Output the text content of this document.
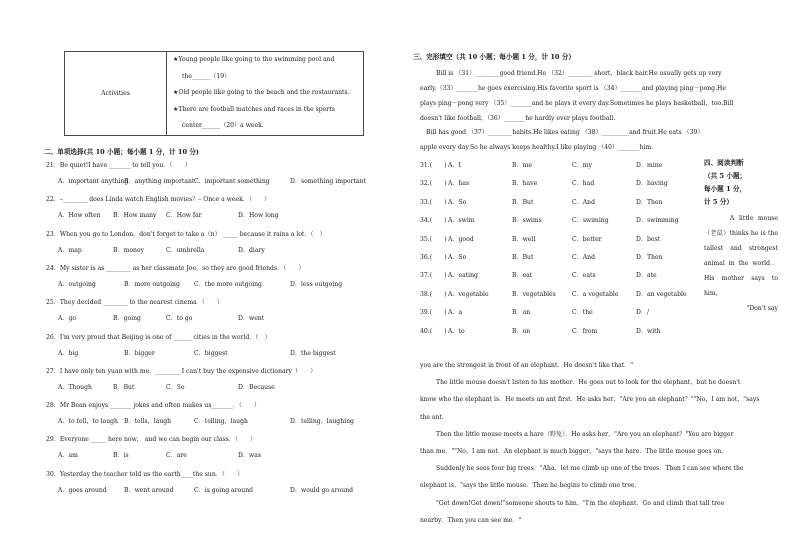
Activities	
★Young people like going to the swimming pool and
the______（19）
★Old people like going to the beach and the restaurants.
★There are football matches and races in the sports
center______（20）a week.
二、单项选择(共 10 小题；每小题 1 分，计 10 分)
21．Be quiet!I have _______ to tell you．（　　）
A．important anything
B．anything important C．important something	D．something important
22．–________ does Linda watch English movies？– Once a week．（　　）
A．How often B．How many C．How far	D．How long
23．When you go to London，don't forget to take a（n） _____ because it rains a lot．（　）
A．map	B．money	C．umbrella	D．diary
24．My sister is as ________ as her classmate Joe，so they are good friends．（　　）
A．outgoing	B．more outgoing C．the more outgoing	D．less outgoing
25．They decided ________ to the nearest cinema （　　）
A．go	B．going	C．to go	D．went
26．I'm very proud that Beijing is one of ______ cities in the world．（　）
A．big	B．bigger	C．biggest	D．the biggest
27．I have only ten yuan with me．________ I can't buy the expensive dictionary（　　）
A．Though	B．But	C．So	D．Because
28．Mr Bean enjoys _______ jokes and often makes us_______．（　　）
A．to tell，to laugh B．tells，laugh	C．telling，laugh	D．telling，laughing
29．Everyone _____ here now， and we can begin our class．（　　）
A．am	B．is	C．are	D．was
30．Yesterday the teacher told us the earth____the sun．（　　）
A．goes around	B．went around	C．is going around	D．would go around
三、完形填空（共 10 小题；每小题 1 分，计 10 分）
Bill is （31）________good friend.He （32）________ short，black hair.He usually gets up very
early.（33）_______he goes exercising.His favorite sport is （34）_______and playing ping－pong.He
plays ping－pong very （35）_______and he plays it every day.Sometimes he plays basketball，too.Bill
doesn't like football，（36）_______he hardly ever plays football.
Bill has good （37）________habits.He likes eating （38）_________and fruit.He eats （39）
apple every day.So he always keeps healthy.I like playing （40）_______him.
31.(　　) A．I	B．me	C．my	D．mine
32.(　　) A．has	B．have	C．had	D．having
33.(　　) A．So	B．But	C．And	D．Then
34.(　　) A．swim	B．swims	C．swiming	D．swimming
35.(　　) A．good	B．well	C．better	D．best
36.(　　) A．So	B．But	C．And	D．Then
37.(　　) A．eating	B．eat	C．eats	D．ate
38.(　　) A．vegetable	B．vegetables	C．a vegetable	D．an vegetable
39.(　　) A．a	B．an	C．the	D．/
40.(　　) A．to	B．on	C．from	D．with
四、阅读判断
（共 5 小题；
每小题 1 分，
计 5 分）
A little mouse（老鼠）thinks he is the tallest and strongest animal in the world．His mother says to him，
"Don't say
you are the strongest in front of an elephant．He doesn't like that．"
The little mouse doesn't listen to his mother．He goes out to look for the elephant，but he doesn't
know who the elephant is．He meets an ant first．He asks her，"Are you an elephant？""No，I am not，"says
the ant．
Then the little mouse meets a hare（野兔）．He asks her，"Are you an elephant？"You are bigger
than me．""No，I am not．An elephant is much bigger，"says the hare．The little mouse goes on．
Suddenly he sees four big trees．"Aha，let me climb up one of the trees．Then I can see where the
elephant is，"says the little mouse．Then he begins to climb one tree．
"Get down!Get down!"someone shouts to him，"I'm the elephant．Go and climb that tall tree
nearby．Then you can see me．"
